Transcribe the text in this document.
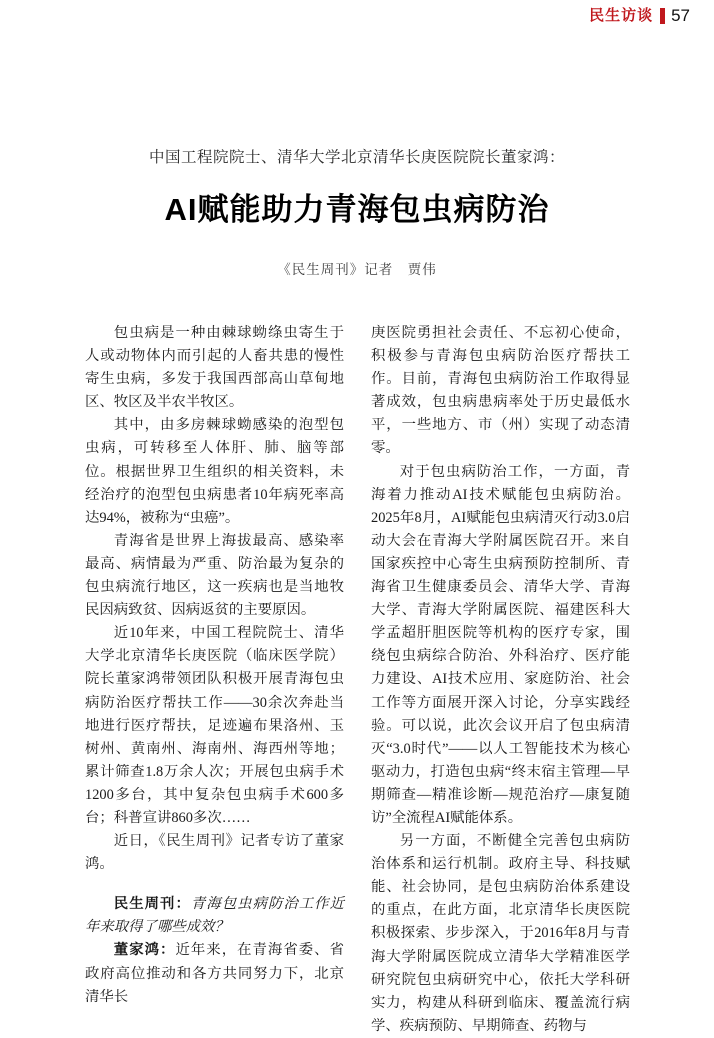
民生访谈 57

中国工程院院士、清华大学北京清华长庚医院院长董家鸿：

AI赋能助力青海包虫病防治

《民生周刊》记者　贾伟

包虫病是一种由棘球蚴绦虫寄生于人或动物体内而引起的人畜共患的慢性寄生虫病，多发于我国西部高山草甸地区、牧区及半农半牧区。

其中，由多房棘球蚴感染的泡型包虫病，可转移至人体肝、肺、脑等部位。根据世界卫生组织的相关资料，未经治疗的泡型包虫病患者10年病死率高达94%，被称为“虫癌”。

青海省是世界上海拔最高、感染率最高、病情最为严重、防治最为复杂的包虫病流行地区，这一疾病也是当地牧民因病致贫、因病返贫的主要原因。

近10年来，中国工程院院士、清华大学北京清华长庚医院（临床医学院）院长董家鸿带领团队积极开展青海包虫病防治医疗帮扶工作——30余次奔赴当地进行医疗帮扶，足迹遍布果洛州、玉树州、黄南州、海南州、海西州等地；累计筛查1.8万余人次；开展包虫病手术1200多台，其中复杂包虫病手术600多台；科普宣讲860多次……

近日，《民生周刊》记者专访了董家鸿。

民生周刊：青海包虫病防治工作近年来取得了哪些成效？

董家鸿：近年来，在青海省委、省政府高位推动和各方共同努力下，北京清华长

庚医院勇担社会责任、不忘初心使命，积极参与青海包虫病防治医疗帮扶工作。目前，青海包虫病防治工作取得显著成效，包虫病患病率处于历史最低水平，一些地方、市（州）实现了动态清零。

对于包虫病防治工作，一方面，青海着力推动AI技术赋能包虫病防治。2025年8月，AI赋能包虫病清灭行动3.0启动大会在青海大学附属医院召开。来自国家疾控中心寄生虫病预防控制所、青海省卫生健康委员会、清华大学、青海大学、青海大学附属医院、福建医科大学孟超肝胆医院等机构的医疗专家，围绕包虫病综合防治、外科治疗、医疗能力建设、AI技术应用、家庭防治、社会工作等方面展开深入讨论，分享实践经验。可以说，此次会议开启了包虫病清灭“3.0时代”——以人工智能技术为核心驱动力，打造包虫病“终末宿主管理—早期筛查—精准诊断—规范治疗—康复随访”全流程AI赋能体系。

另一方面，不断健全完善包虫病防治体系和运行机制。政府主导、科技赋能、社会协同，是包虫病防治体系建设的重点，在此方面，北京清华长庚医院积极探索、步步深入，于2016年8月与青海大学附属医院成立清华大学精准医学研究院包虫病研究中心，依托大学科研实力，构建从科研到临床、覆盖流行病学、疾病预防、早期筛查、药物与
